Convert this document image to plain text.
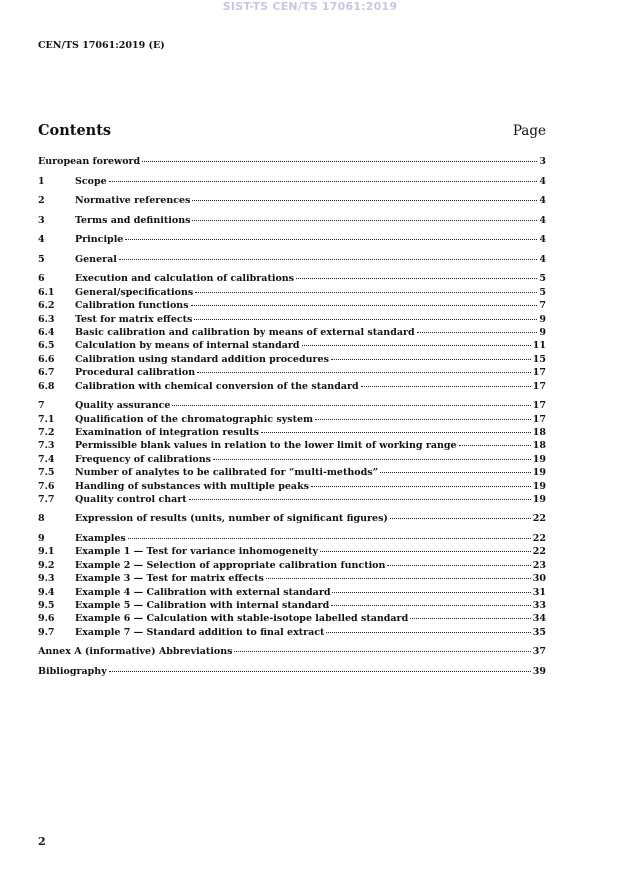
SIST-TS CEN/TS 17061:2019
CEN/TS 17061:2019 (E)
Contents	Page
European foreword	3
1	Scope	4
2	Normative references	4
3	Terms and definitions	4
4	Principle	4
5	General	4
6	Execution and calculation of calibrations	5
6.1	General/specifications	5
6.2	Calibration functions	7
6.3	Test for matrix effects	9
6.4	Basic calibration and calibration by means of external standard	9
6.5	Calculation by means of internal standard	11
6.6	Calibration using standard addition procedures	15
6.7	Procedural calibration	17
6.8	Calibration with chemical conversion of the standard	17
7	Quality assurance	17
7.1	Qualification of the chromatographic system	17
7.2	Examination of integration results	18
7.3	Permissible blank values in relation to the lower limit of working range	18
7.4	Frequency of calibrations	19
7.5	Number of analytes to be calibrated for “multi-methods”	19
7.6	Handling of substances with multiple peaks	19
7.7	Quality control chart	19
8	Expression of results (units, number of significant figures)	22
9	Examples	22
9.1	Example 1 — Test for variance inhomogeneity	22
9.2	Example 2 — Selection of appropriate calibration function	23
9.3	Example 3 — Test for matrix effects	30
9.4	Example 4 — Calibration with external standard	31
9.5	Example 5 — Calibration with internal standard	33
9.6	Example 6 — Calculation with stable-isotope labelled standard	34
9.7	Example 7 — Standard addition to final extract	35
Annex A (informative) Abbreviations	37
Bibliography	39
2
